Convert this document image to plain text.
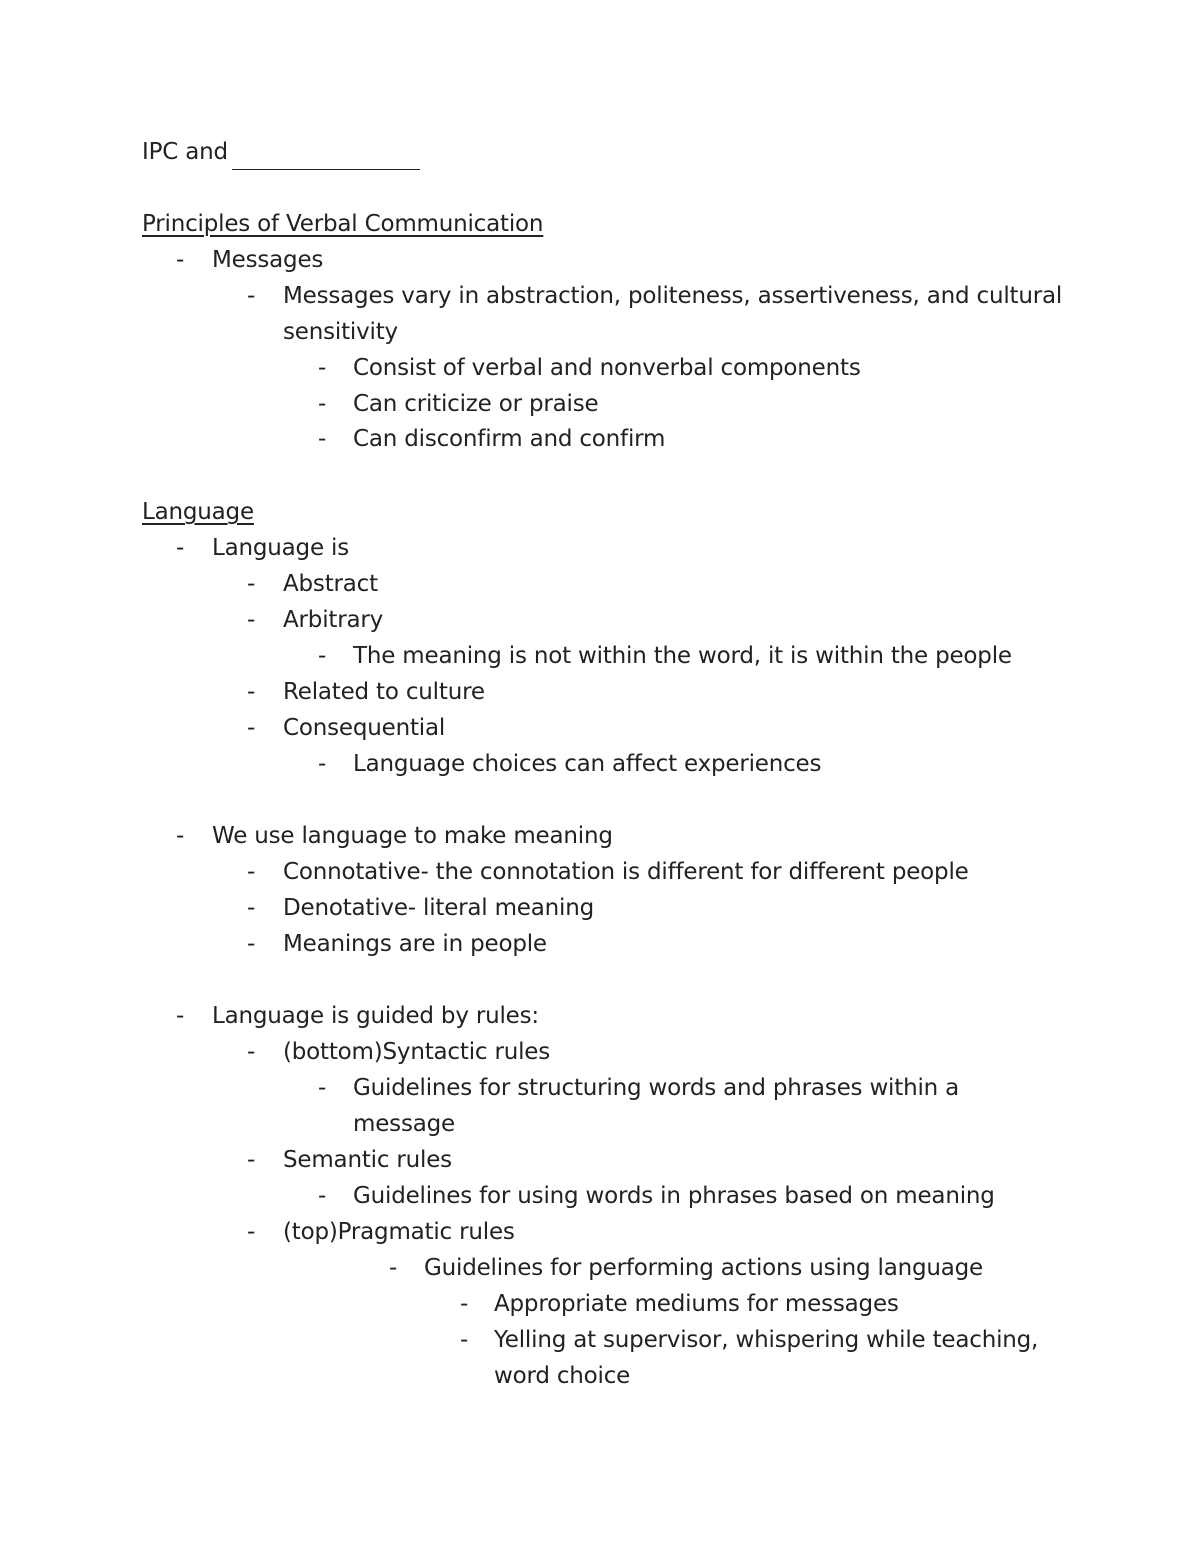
IPC and
Principles of Verbal Communication
- Messages
- Messages vary in abstraction, politeness, assertiveness, and cultural
sensitivity
- Consist of verbal and nonverbal components
- Can criticize or praise
- Can disconfirm and confirm
Language
- Language is
- Abstract
- Arbitrary
- The meaning is not within the word, it is within the people
- Related to culture
- Consequential
- Language choices can affect experiences
- We use language to make meaning
- Connotative- the connotation is different for different people
- Denotative- literal meaning
- Meanings are in people
- Language is guided by rules:
- (bottom)Syntactic rules
- Guidelines for structuring words and phrases within a
message
- Semantic rules
- Guidelines for using words in phrases based on meaning
- (top)Pragmatic rules
- Guidelines for performing actions using language
- Appropriate mediums for messages
- Yelling at supervisor, whispering while teaching,
word choice
